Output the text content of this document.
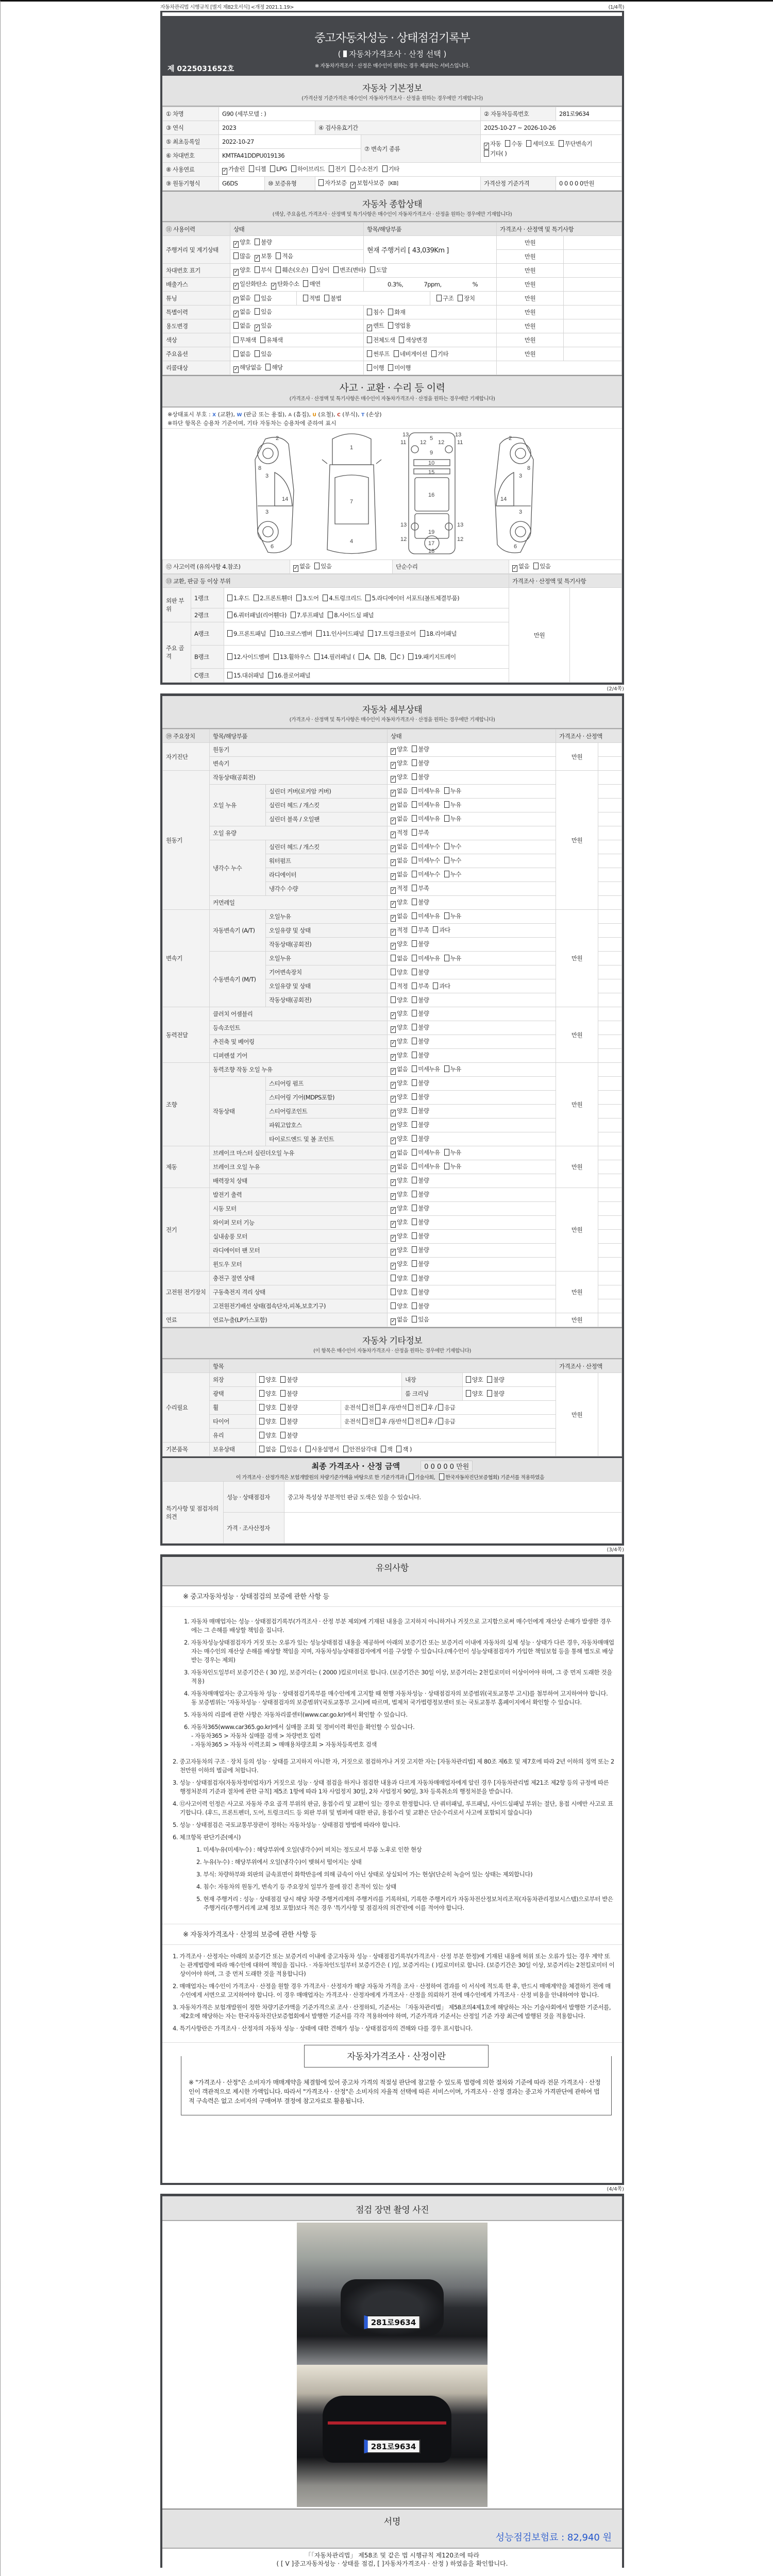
자동차관리법 시행규칙 [별지 제82호서식] <개정 2021.1.19>	(1/4쪽)
중고자동차성능 · 상태점검기록부
( 자동차가격조사 · 산정 선택 )
※ 자동차가격조사 · 산정은 매수인이 원하는 경우 제공하는 서비스입니다.
제 0225031652호
자동차 기본정보
(가격산정 기준가격은 매수인이 자동차가격조사 · 산정을 원하는 경우에만 기재합니다)
① 차명	G90 (세부모델 : )				② 자동차등록번호	281로9634
③ 연식	2023		④ 검사유효기간		2025-10-27 ~ 2026-10-26	
⑤ 최초등록일	2022-10-27			⑦ 변속기 종류	✓ 자동 수동 세미오토 무단변속기기타( )	
⑥ 차대번호	KMTFA41DDPU019136					
⑧ 사용연료	✓ 가솔린 디젤 LPG 하이브리드 전기 수소전기 기타					
⑨ 원동기형식	G6DS	⑩ 보증유형	자가보증 ✓ 보험사보증 [KB]		가격산정 기준가격	0 0 0 0 0만원
자동차 종합상태
(색상, 주요옵션, 가격조사 · 산정액 및 특기사항은 매수인이 자동차가격조사 · 산정을 원하는 경우에만 기재합니다)
⑪ 사용이력	상태	항목/해당부품	가격조사 · 산정액 및 특기사항	
주행거리 및 계기상태	✓ 양호 불량	현재 주행거리 [ 43,039Km ]	만원	
	많음 ✓ 보통 적음		만원	
차대번호 표기	✓ 양호 부식 훼손(오손) 상이 변조(변타) 도말		만원	
배출가스	✓ 일산화탄소 ✓ 탄화수소 매연	0.3%, 7ppm, %	만원	
튜닝	✓ 없음 있음 적법 불법 구조 장치		만원	
특별이력	✓ 없음 있음	침수 화재	만원	
용도변경	없음 ✓ 있음	✓ 렌트 영업용	만원	
색상	무채색 유채색	전체도색 색상변경	만원	
주요옵션	없음 있음	썬루프 네비게이션 기타	만원	
리콜대상	✓ 해당없음 해당	이행 미이행		
사고 · 교환 · 수리 등 이력
(가격조사 · 산정액 및 특기사항은 매수인이 자동차가격조사 · 산정을 원하는 경우에만 기재합니다)
※상태표시 부호 : X (교환), W (판금 또는 용접), A (흠집), U (요철), C (부식), T (손상)
※하단 항목은 승용차 기준이며, 기타 자동차는 승용차에 준하여 표시
3
3
8
14
6
2
1
7
4
5
9
11	11
13	13
12 12
10
15
16
19
13	13
12	12
17
18
3
3
8
14
6
2
⑫ 사고이력 (유의사항 4.참조)	✓ 없음 있음	단순수리	✓ 없음 있음
⑬ 교환, 판금 등 이상 부위			가격조사 · 산정액 및 특기사항	
외판 부위	1랭크	1.후드 2.프론트휀더 3.도어 4.트렁크리드 5.라디에이터 서포트(볼트체결부품)	만원	
	2랭크	6.쿼터패널(리어휀다) 7.루프패널 8.사이드실 패널		
주요 골격	A랭크	9.프론트패널 10.크로스멤버 11.인사이드패널 17.트렁크플로어 18.리어패널		
	B랭크	12.사이드멤버 13.휠하우스 14.필러패널 ( A, B, C ) 19.패키지트레이		
	C랭크	15.대쉬패널 16.플로어패널		
(2/4쪽)
자동차 세부상태
(가격조사 · 산정액 및 특기사항은 매수인이 자동차가격조사 · 산정을 원하는 경우에만 기재합니다)
⑲ 주요장치	항목/해당부품		상태	가격조사 · 산정액	
자기진단	원동기		✓ 양호 불량	만원	
	변속기		✓ 양호 불량		
원동기	작동상태(공회전)		✓ 양호 불량	만원	
	오일 누유	실린더 커버(로커암 커버)	✓ 없음 미세누유 누유		
		실린더 헤드 / 개스킷	✓ 없음 미세누유 누유		
		실린더 블록 / 오일팬	✓ 없음 미세누유 누유		
	오일 유량		✓ 적정 부족		
	냉각수 누수	실린더 헤드 / 개스킷	✓ 없음 미세누수 누수		
		워터펌프	✓ 없음 미세누수 누수		
		라디에이터	✓ 없음 미세누수 누수		
		냉각수 수량	✓ 적정 부족		
	커먼레일		✓ 양호 불량		
변속기	자동변속기 (A/T)	오일누유	✓ 없음 미세누유 누유	만원	
		오일유량 및 상태	✓ 적정 부족 과다		
		작동상태(공회전)	✓ 양호 불량		
	수동변속기 (M/T)	오일누유	없음 미세누유 누유		
		기어변속장치	양호 불량		
		오일유량 및 상태	적정 부족 과다		
		작동상태(공회전)	양호 불량		
동력전달	클러치 어셈블리		✓ 양호 불량	만원	
	등속조인트		✓ 양호 불량		
	추진축 및 베어링		✓ 양호 불량		
	디퍼렌셜 기어		✓ 양호 불량		
조향	동력조향 작동 오일 누유		✓ 없음 미세누유 누유	만원	
	작동상태	스티어링 펌프	✓ 양호 불량		
		스티어링 기어(MDPS포함)	✓ 양호 불량		
		스티어링조인트	✓ 양호 불량		
		파워고압호스	✓ 양호 불량		
		타이로드엔드 및 볼 조인트	✓ 양호 불량		
제동	브레이크 마스터 실린더오일 누유		✓ 없음 미세누유 누유	만원	
	브레이크 오일 누유		✓ 없음 미세누유 누유		
	배력장치 상태		✓ 양호 불량		
전기	발전기 출력		✓ 양호 불량	만원	
	시동 모터		✓ 양호 불량		
	와이퍼 모터 기능		✓ 양호 불량		
	실내송풍 모터		✓ 양호 불량		
	라디에이터 팬 모터		✓ 양호 불량		
	윈도우 모터		✓ 양호 불량		
고전원 전기장치	충전구 절연 상태		양호 불량	만원	
	구동축전지 격리 상태		양호 불량		
	고전원전기배선 상태(접속단자,피복,보호기구)		양호 불량		
연료	연료누출(LP가스포함)		✓ 없음 있음	만원	
자동차 기타정보
(이 항목은 매수인이 자동차가격조사 · 산정을 원하는 경우에만 기재합니다)
	항목					가격조사 · 산정액	
수리필요	외장	양호 불량		내장	양호 불량	만원	
	광택	양호 불량		룸 크리닝	양호 불량		
	휠	양호 불량	운전석 전 후 /동반석 전 후 / 응급				
	타이어	양호 불량	운전석 전 후 /동반석 전 후 / 응급				
	유리	양호 불량					
기본품목	보유상태	없음 있음 ( 사용설명서 안전삼각대 잭 잭 )					
최종 가격조사 · 산정 금액	0 0 0 0 0 만원
이 가격조사 · 산정가격은 보험개발원의 차량기준가액을 바탕으로 한 기준가격과 ( 기술사회, 한국자동차진단보증협회) 기준서를 적용하였음
특기사항 및 점검자의 의견	성능 · 상태점검자	중고차 특성상 부분적인 판금 도색은 있을 수 있습니다.
	가격 · 조사산정자	
(3/4쪽)
유의사항
※ 중고자동차성능 · 상태점검의 보증에 관한 사항 등
1. 자동차 매매업자는 성능 · 상태점검기록부(가격조사 · 산정 부분 제외)에 기재된 내용을 고지하지 아니하거나 거짓으로 고지함으로써 매수인에게 재산상 손해가 발생한 경우에는 그 손해를 배상할 책임을 집니다.
2. 자동차성능상태점검자가 거짓 또는 오류가 있는 성능상태점검 내용을 제공하여 아래의 보증기간 또는 보증거리 이내에 자동차의 실제 성능 · 상태가 다른 경우, 자동차매매업자는 매수인의 재산상 손해를 배상할 책임을 지며, 자동차성능상태점검자에게 이를 구상할 수 있습니다.(매수인이 성능상태점검자가 가입한 책임보험 등을 통해 별도로 배상받는 경우는 제외)
3. 자동차인도일부터 보증기간은 ( 30 )일, 보증거리는 ( 2000 )킬로미터로 합니다. (보증기간은 30일 이상, 보증거리는 2천킬로미터 이상이어야 하며, 그 중 먼저 도래한 것을 적용)
4. 자동차매매업자는 중고자동차 성능 · 상태점검기록부를 매수인에게 고지할 때 현행 자동차성능 · 상태점검자의 보증범위(국토교통부 고시)를 첨부하여 고지하여야 합니다. 동 보증범위는 '자동차성능 · 상태점검자의 보증범위'(국토교통부 고시)에 따르며, 법제처 국가법령정보센터 또는 국토교통부 홈페이지에서 확인할 수 있습니다.
5. 자동차의 리콜에 관한 사항은 자동차리콜센터(www.car.go.kr)에서 확인할 수 있습니다.
6. 자동차365(www.car365.go.kr)에서 실매물 조회 및 정비이력 확인을 확인할 수 있습니다.
- 자동차365 > 자동차 실매물 검색 > 차량번호 입력
- 자동차365 > 자동차 이력조회 > 매매용차량조회 > 자동차등록번호 검색
2. 중고자동차의 구조 · 장치 등의 성능 · 상태를 고지하지 아니한 자, 거짓으로 점검하거나 거짓 고지한 자는 [자동차관리법] 제 80조 제6호 및 제7호에 따라 2년 이하의 징역 또는 2천만원 이하의 벌금에 처합니다.
3. 성능 · 상태점검자(자동차정비업자)가 거짓으로 성능 · 상태 점검을 하거나 점검한 내용과 다르게 자동차매매업자에게 알린 경우 [자동차관리법 제21조 제2항 등의 규정에 따른 행정처분의 기준과 절차에 관한 규칙] 제5조 1항에 따라 1차 사업정지 30일, 2차 사업정지 90일, 3차 등록취소의 행정처분을 받습니다.
4. ⑫사고이력 인정은 사고로 자동차 주요 골격 부위의 판금, 용접수리 및 교환이 있는 경우로 한정합니다. 단 쿼터패널, 루프패널, 사이드실패널 부위는 절단, 용접 시에만 사고로 표기합니다. (후드, 프론트펜더, 도어, 트렁크리드 등 외판 부위 및 범퍼에 대한 판금, 용접수리 및 교환은 단순수리로서 사고에 포함되지 않습니다)
5. 성능 · 상태점검은 국토교통부장관이 정하는 자동차성능 · 상태점검 방법에 따라야 합니다.
6. 체크항목 판단기준(예시)
1. 미세누유(미세누수) : 해당부위에 오일(냉각수)이 비치는 정도로서 부품 노후로 인한 현상
2. 누유(누수) : 해당부위에서 오일(냉각수)이 맺혀서 떨어지는 상태
3. 부식: 차량하부와 외판의 금속표면이 화학반응에 의해 금속이 아닌 상태로 상실되어 가는 현상(단순히 녹슬어 있는 상태는 제외합니다)
4. 침수: 자동차의 원동기, 변속기 등 주요장치 일부가 물에 잠긴 흔적이 있는 상태
5. 현재 주행거리 : 성능 · 상태점검 당시 해당 차량 주행거리계의 주행거리를 기록하되, 기록한 주행거리가 자동차전산정보처리조직(자동차관리정보시스템)으로부터 받은 주행거리(주행거리계 교체 정보 포함)보다 적은 경우 '특기사항 및 점검자의 의견'란에 이를 적어야 합니다.
※ 자동차가격조사 · 산정의 보증에 관한 사항 등
1. 가격조사 · 산정자는 아래의 보증기간 또는 보증거리 이내에 중고자동차 성능 · 상태점검기록부(가격조사 · 산정 부분 한정)에 기재된 내용에 허위 또는 오류가 있는 경우 계약 또는 관계법령에 따라 매수인에 대하여 책임을 집니다. · 자동차인도일부터 보증기간은 ( )일, 보증거리는 ( )킬로미터로 합니다. (보증기간은 30일 이상, 보증거리는 2천킬로미터 이상이어야 하며, 그 중 먼저 도래한 것을 적용합니다)
2. 매매업자는 매수인이 가격조사 · 산정을 원할 경우 가격조사 · 산정자가 해당 자동차 가격을 조사 · 산정하여 결과를 이 서식에 적도록 한 후, 반드시 매매계약을 체결하기 전에 매수인에게 서면으로 고지하여야 합니다. 이 경우 매매업자는 가격조사 · 산정자에게 가격조사 · 산정을 의뢰하기 전에 매수인에게 가격조사 · 산정 비용을 안내하여야 합니다.
3. 자동차가격은 보험개발원이 정한 차량기준가액을 기준가격으로 조사 · 산정하되, 기준서는 「자동차관리법」 제58조의4제1호에 해당하는 자는 기술사회에서 발행한 기준서를, 제2호에 해당하는 자는 한국자동차진단보증협회에서 발행한 기준서를 각각 적용하여야 하며, 기준가격과 기준서는 산정일 기준 가장 최근에 발행된 것을 적용합니다.
4. 특기사항란은 가격조사 · 산정자의 자동차 성능 · 상태에 대한 견해가 성능 · 상태점검자의 견해와 다를 경우 표시합니다.
자동차가격조사 · 산정이란
※ "가격조사 · 산정"은 소비자가 매매계약을 체결함에 있어 중고차 가격의 적절성 판단에 참고할 수 있도록 법령에 의한 절차와 기준에 따라 전문 가격조사 · 산정인이 객관적으로 제시한 가액입니다. 따라서 "가격조사 · 산정"은 소비자의 자율적 선택에 따른 서비스이며, 가격조사 · 산정 결과는 중고차 가격판단에 관하여 법적 구속력은 없고 소비자의 구매여부 결정에 참고자료로 활용됩니다.
(4/4쪽)
점검 장면 촬영 사진
281로9634
281로9634
서명
성능점검보험료 : 82,940 원
「「자동차관리법」 제58조 및 같은 법 시행규칙 제120조에 따라
( [ V ]중고자동차성능 · 상태를 점검, [ ]자동차가격조사 · 산정 ) 하였음을 확인합니다.
